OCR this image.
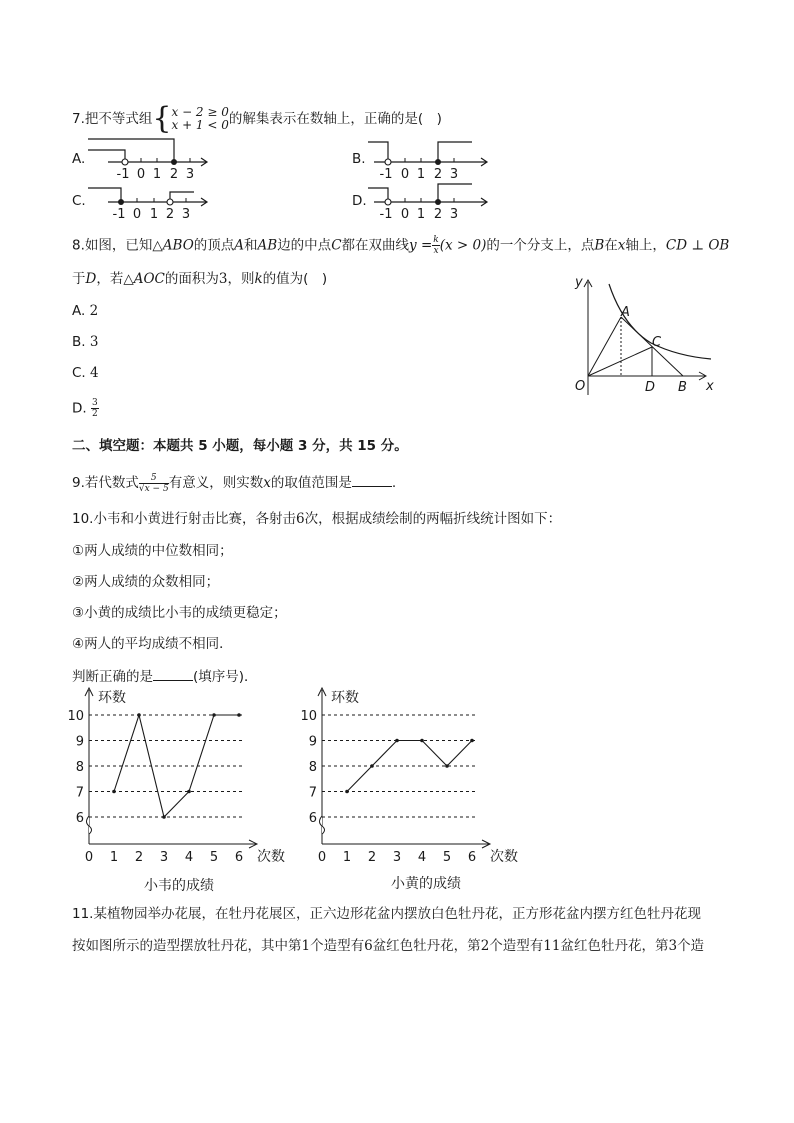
7.把不等式组{ x − 2 ≥ 0
x + 1 < 0 的解集表示在数轴上，正确的是(　)
A.	B.
C.	D.
-1 0 1 2 3	-1 0 1 2 3
-1 0 1 2 3	-1 0 1 2 3
8.如图，已知△ABO的顶点A和AB边的中点C都在双曲线$y = \frac{k}{x} (x > 0)$的一个分支上，点B在x轴上，CD ⊥ OB
于D，若△AOC的面积为3，则k的值为(　)
A. 2
B. 3
C. 4
D. $\frac{3}{2}$
y
x
O
A
C
D B
二、填空题：本题共 5 小题，每小题 3 分，共 15 分。
9.若代数式 $\frac{5}{√x - 5}$ 有意义，则实数x的取值范围是	.
10.小韦和小黄进行射击比赛，各射击6次，根据成绩绘制的两幅折线统计图如下：
①两人成绩的中位数相同；
②两人成绩的众数相同；
③小黄的成绩比小韦的成绩更稳定；
④两人的平均成绩不相同．
判断正确的是	(填序号)．
6
7
8
9
10
0 1 2 3 4 5 6
环数
次数
小韦的成绩
6
7
8
9
10
0 1 2 3 4 5 6
环数
次数
小黄的成绩
11.某植物园举办花展，在牡丹花展区，正六边形花盆内摆放白色牡丹花，正方形花盆内摆方红色牡丹花现
按如图所示的造型摆放牡丹花，其中第1个造型有6盆红色牡丹花，第2个造型有11盆红色牡丹花，第3个造
